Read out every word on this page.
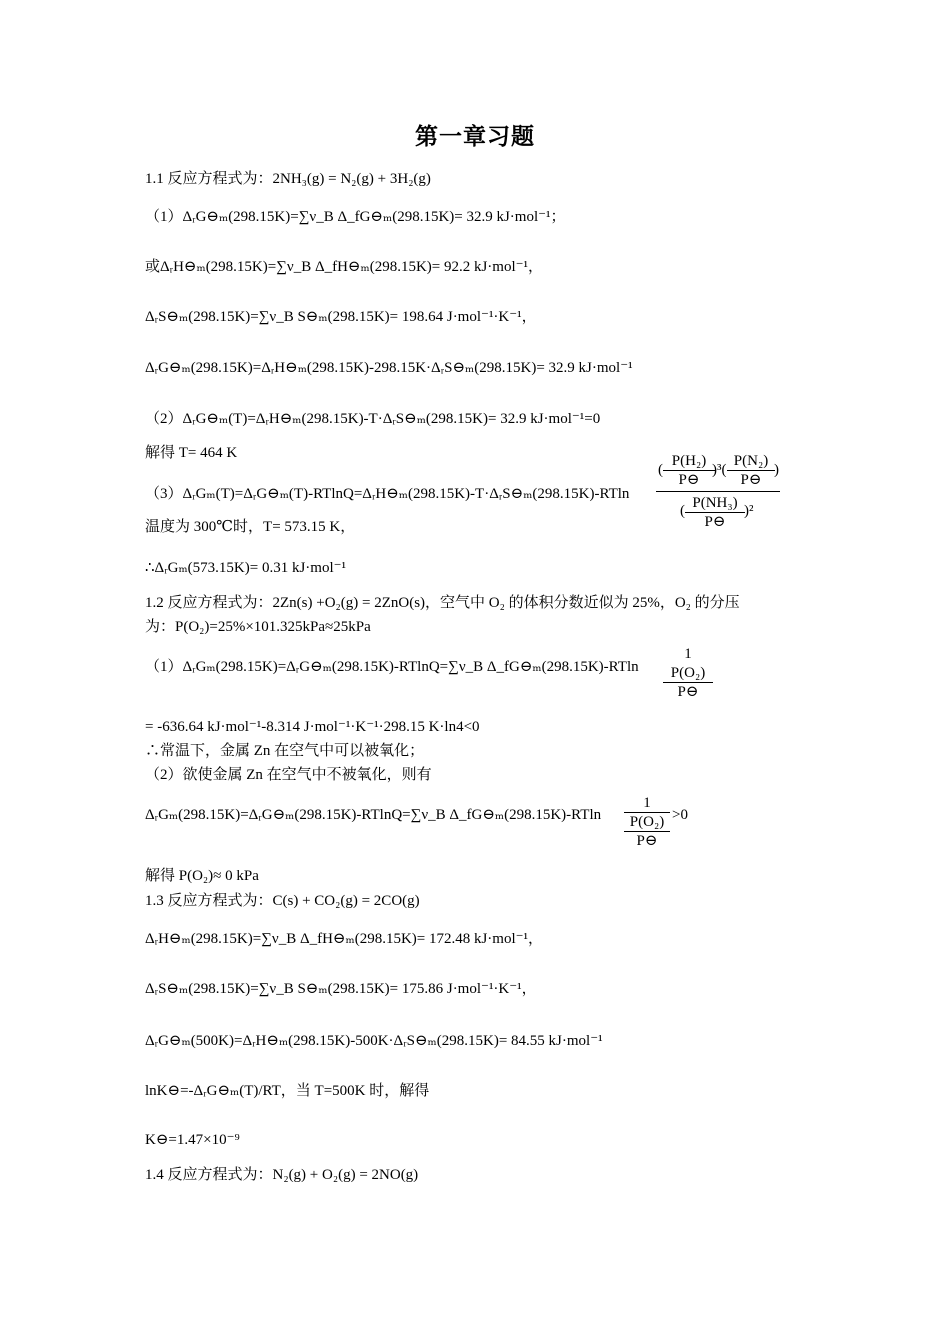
第一章习题
1.1 反应方程式为：2NH₃(g) = N₂(g) + 3H₂(g)
（1）ΔᵣG⊖ₘ(298.15K)=∑ν_B Δ_fG⊖ₘ(298.15K)= 32.9 kJ·mol⁻¹；
或ΔᵣH⊖ₘ(298.15K)=∑ν_B Δ_fH⊖ₘ(298.15K)= 92.2 kJ·mol⁻¹，
ΔᵣS⊖ₘ(298.15K)=∑ν_B S⊖ₘ(298.15K)= 198.64 J·mol⁻¹·K⁻¹，
ΔᵣG⊖ₘ(298.15K)=ΔᵣH⊖ₘ(298.15K)-298.15K·ΔᵣS⊖ₘ(298.15K)= 32.9 kJ·mol⁻¹
（2）ΔᵣG⊖ₘ(T)=ΔᵣH⊖ₘ(298.15K)-T·ΔᵣS⊖ₘ(298.15K)= 32.9 kJ·mol⁻¹=0
解得 T= 464 K
（3）ΔᵣGₘ(T)=ΔᵣG⊖ₘ(T)-RTlnQ=ΔᵣH⊖ₘ(298.15K)-T·ΔᵣS⊖ₘ(298.15K)-RTln
(
P(H₂)
P⊖
)³(
P(N₂)
P⊖
)
( P(NH₃)
P⊖
)²
温度为 300℃时，T= 573.15 K，
∴ΔᵣGₘ(573.15K)= 0.31 kJ·mol⁻¹
1.2 反应方程式为：2Zn(s) +O₂(g) = 2ZnO(s)，空气中 O₂ 的体积分数近似为 25%，O₂ 的分压
为：P(O₂)=25%×101.325kPa≈25kPa
（1）ΔᵣGₘ(298.15K)=ΔᵣG⊖ₘ(298.15K)-RTlnQ=∑ν_B Δ_fG⊖ₘ(298.15K)-RTln
1
P(O₂)
P⊖
= -636.64 kJ·mol⁻¹-8.314 J·mol⁻¹·K⁻¹·298.15 K·ln4<0
∴常温下，金属 Zn 在空气中可以被氧化；
（2）欲使金属 Zn 在空气中不被氧化，则有
ΔᵣGₘ(298.15K)=ΔᵣG⊖ₘ(298.15K)-RTlnQ=∑ν_B Δ_fG⊖ₘ(298.15K)-RTln
1
P(O₂)
P⊖
>0
解得 P(O₂)≈ 0 kPa
1.3 反应方程式为：C(s) + CO₂(g) = 2CO(g)
ΔᵣH⊖ₘ(298.15K)=∑ν_B Δ_fH⊖ₘ(298.15K)= 172.48 kJ·mol⁻¹，
ΔᵣS⊖ₘ(298.15K)=∑ν_B S⊖ₘ(298.15K)= 175.86 J·mol⁻¹·K⁻¹，
ΔᵣG⊖ₘ(500K)=ΔᵣH⊖ₘ(298.15K)-500K·ΔᵣS⊖ₘ(298.15K)= 84.55 kJ·mol⁻¹
lnK⊖=-ΔᵣG⊖ₘ(T)/RT，当 T=500K 时，解得
K⊖=1.47×10⁻⁹
1.4 反应方程式为：N₂(g) + O₂(g) = 2NO(g)
